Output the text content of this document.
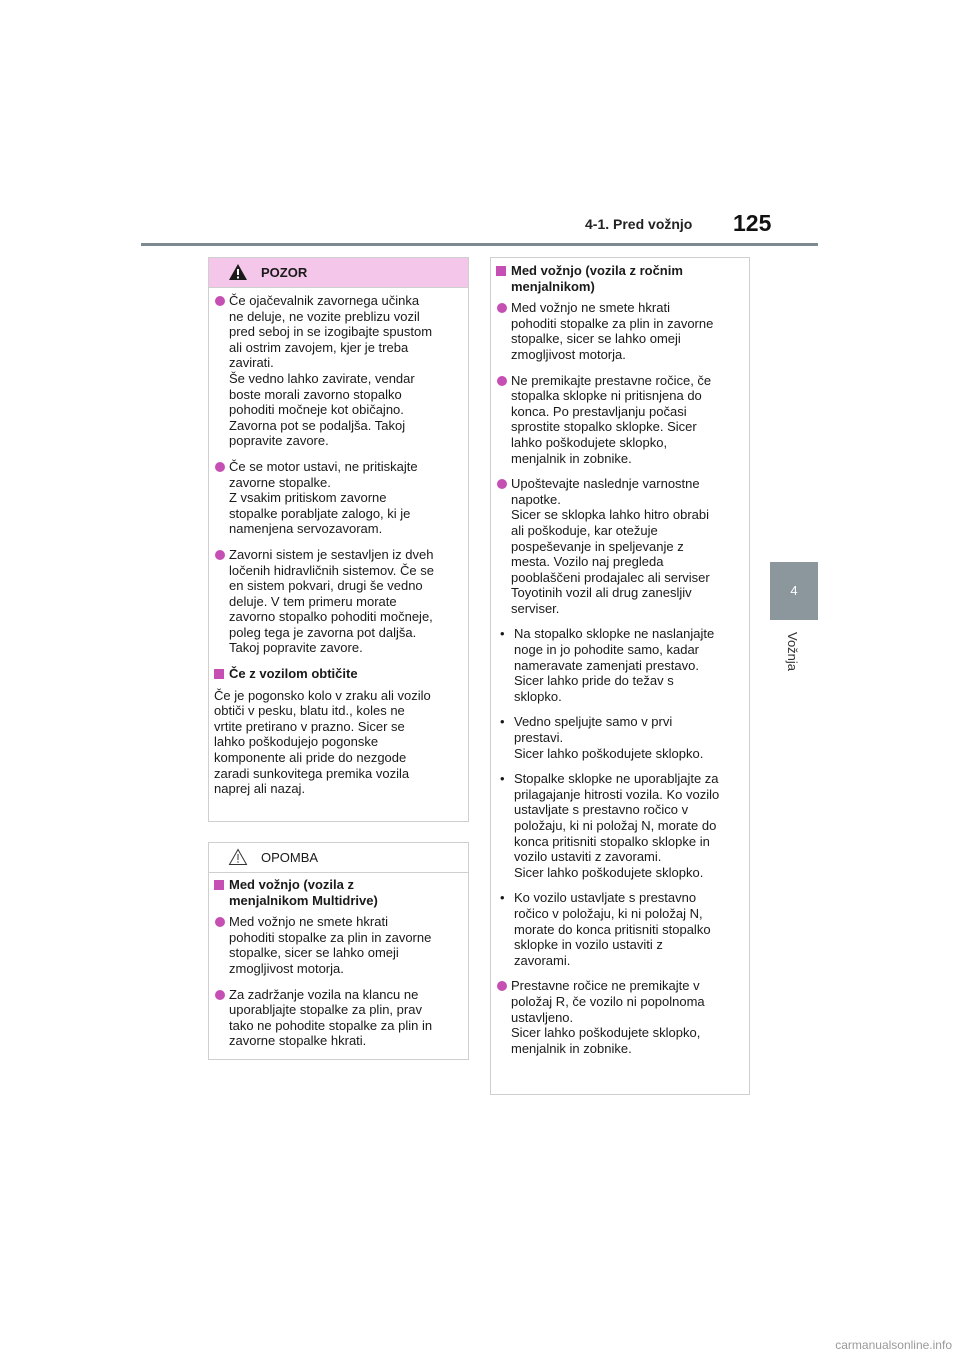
4-1. Pred vožnjo 125
4
Vožnja
POZOR
Če ojačevalnik zavornega učinka
ne deluje, ne vozite preblizu vozil
pred seboj in se izogibajte spustom
ali ostrim zavojem, kjer je treba
zavirati.
Še vedno lahko zavirate, vendar
boste morali zavorno stopalko
pohoditi močneje kot običajno.
Zavorna pot se podaljša. Takoj
popravite zavore.
Če se motor ustavi, ne pritiskajte
zavorne stopalke.
Z vsakim pritiskom zavorne
stopalke porabljate zalogo, ki je
namenjena servozavoram.
Zavorni sistem je sestavljen iz dveh
ločenih hidravličnih sistemov. Če se
en sistem pokvari, drugi še vedno
deluje. V tem primeru morate
zavorno stopalko pohoditi močneje,
poleg tega je zavorna pot daljša.
Takoj popravite zavore.
Če z vozilom obtičite
Če je pogonsko kolo v zraku ali vozilo
obtiči v pesku, blatu itd., koles ne
vrtite pretirano v prazno. Sicer se
lahko poškodujejo pogonske
komponente ali pride do nezgode
zaradi sunkovitega premika vozila
naprej ali nazaj.
OPOMBA
Med vožnjo (vozila z
menjalnikom Multidrive)
Med vožnjo ne smete hkrati
pohoditi stopalke za plin in zavorne
stopalke, sicer se lahko omeji
zmogljivost motorja.
Za zadržanje vozila na klancu ne
uporabljajte stopalke za plin, prav
tako ne pohodite stopalke za plin in
zavorne stopalke hkrati.
Med vožnjo (vozila z ročnim
menjalnikom)
Med vožnjo ne smete hkrati
pohoditi stopalke za plin in zavorne
stopalke, sicer se lahko omeji
zmogljivost motorja.
Ne premikajte prestavne ročice, če
stopalka sklopke ni pritisnjena do
konca. Po prestavljanju počasi
sprostite stopalko sklopke. Sicer
lahko poškodujete sklopko,
menjalnik in zobnike.
Upoštevajte naslednje varnostne
napotke.
Sicer se sklopka lahko hitro obrabi
ali poškoduje, kar otežuje
pospeševanje in speljevanje z
mesta. Vozilo naj pregleda
pooblaščeni prodajalec ali serviser
Toyotinih vozil ali drug zanesljiv
serviser.
• Na stopalko sklopke ne naslanjajte
noge in jo pohodite samo, kadar
nameravate zamenjati prestavo.
Sicer lahko pride do težav s
sklopko.
• Vedno speljujte samo v prvi
prestavi.
Sicer lahko poškodujete sklopko.
• Stopalke sklopke ne uporabljajte za
prilagajanje hitrosti vozila. Ko vozilo
ustavljate s prestavno ročico v
položaju, ki ni položaj N, morate do
konca pritisniti stopalko sklopke in
vozilo ustaviti z zavorami.
Sicer lahko poškodujete sklopko.
• Ko vozilo ustavljate s prestavno
ročico v položaju, ki ni položaj N,
morate do konca pritisniti stopalko
sklopke in vozilo ustaviti z
zavorami.
Prestavne ročice ne premikajte v
položaj R, če vozilo ni popolnoma
ustavljeno.
Sicer lahko poškodujete sklopko,
menjalnik in zobnike.
carmanualsonline.info
